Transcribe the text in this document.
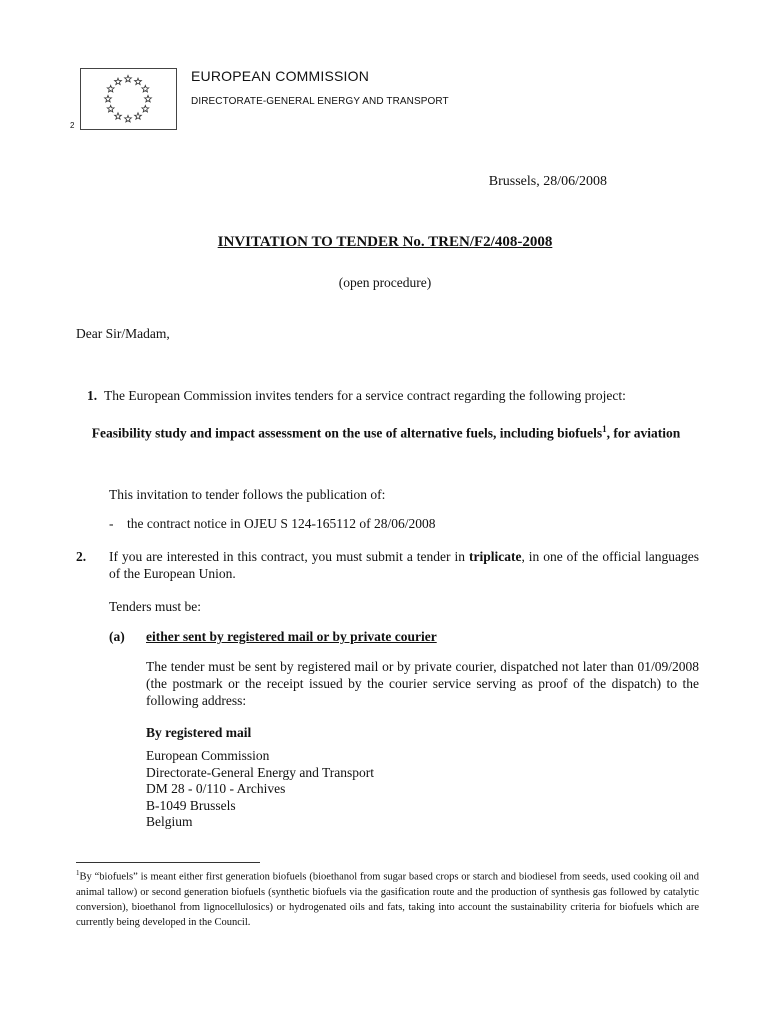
2
EUROPEAN COMMISSION
DIRECTORATE-GENERAL ENERGY AND TRANSPORT
Brussels, 28/06/2008
INVITATION TO TENDER No. TREN/F2/408-2008
(open procedure)
Dear Sir/Madam,
1. The European Commission invites tenders for a service contract regarding the following project:
Feasibility study and impact assessment on the use of alternative fuels, including biofuels$^1$, for aviation
This invitation to tender follows the publication of:
- the contract notice in OJEU S 124-165112 of 28/06/2008
2. If you are interested in this contract, you must submit a tender in triplicate, in one of the official languages of the European Union.
Tenders must be:
(a) either sent by registered mail or by private courier
The tender must be sent by registered mail or by private courier, dispatched not later than 01/09/2008 (the postmark or the receipt issued by the courier service serving as proof of the dispatch) to the following address:
By registered mail
European Commission
Directorate-General Energy and Transport
DM 28 - 0/110 - Archives
B-1049 Brussels
Belgium
$^1$By “biofuels” is meant either first generation biofuels (bioethanol from sugar based crops or starch and biodiesel from seeds, used cooking oil and animal tallow) or second generation biofuels (synthetic biofuels via the gasification route and the production of synthesis gas followed by catalytic conversion), bioethanol from lignocellulosics) or hydrogenated oils and fats, taking into account the sustainability criteria for biofuels which are currently being developed in the Council.
